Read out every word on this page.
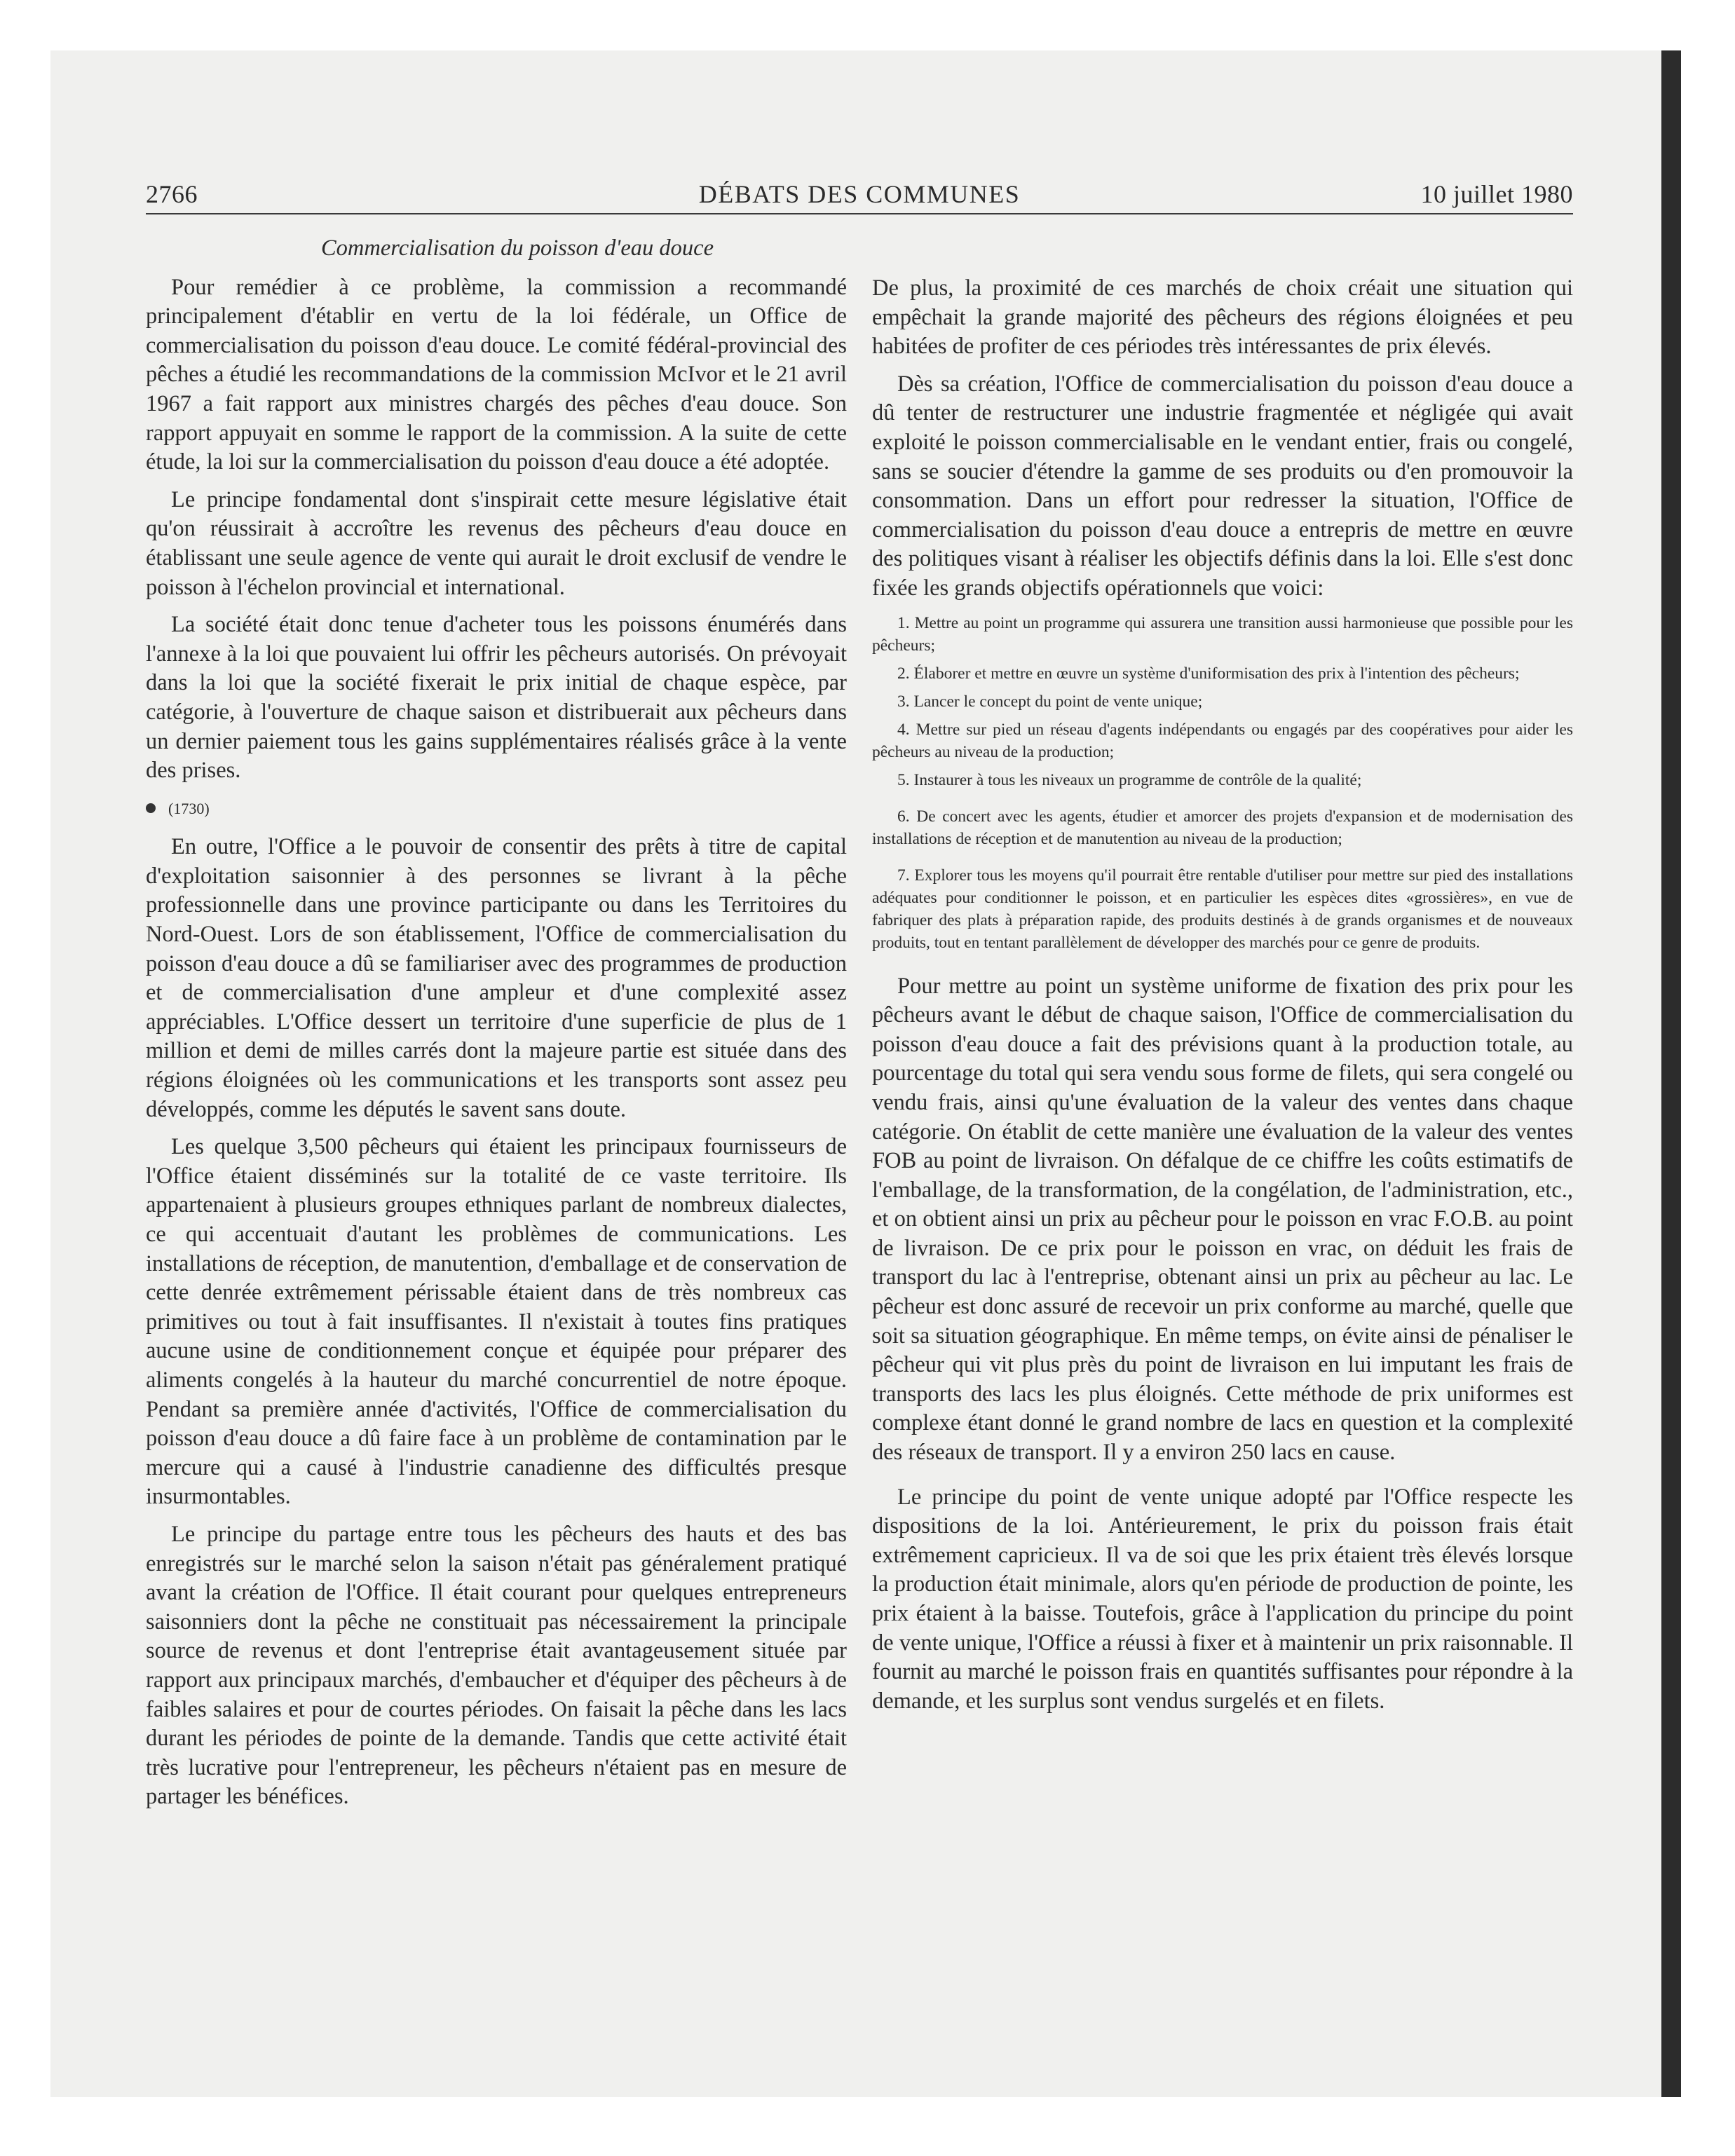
2766	DÉBATS DES COMMUNES	10 juillet 1980
Commercialisation du poisson d'eau douce

Pour remédier à ce problème, la commission a recommandé principalement d'établir en vertu de la loi fédérale, un Office de commercialisation du poisson d'eau douce. Le comité fédéral-provincial des pêches a étudié les recommandations de la commission McIvor et le 21 avril 1967 a fait rapport aux ministres chargés des pêches d'eau douce. Son rapport appuyait en somme le rapport de la commission. A la suite de cette étude, la loi sur la commercialisation du poisson d'eau douce a été adoptée.

Le principe fondamental dont s'inspirait cette mesure législative était qu'on réussirait à accroître les revenus des pêcheurs d'eau douce en établissant une seule agence de vente qui aurait le droit exclusif de vendre le poisson à l'échelon provincial et international.

La société était donc tenue d'acheter tous les poissons énumérés dans l'annexe à la loi que pouvaient lui offrir les pêcheurs autorisés. On prévoyait dans la loi que la société fixerait le prix initial de chaque espèce, par catégorie, à l'ouverture de chaque saison et distribuerait aux pêcheurs dans un dernier paiement tous les gains supplémentaires réalisés grâce à la vente des prises.

(1730)

En outre, l'Office a le pouvoir de consentir des prêts à titre de capital d'exploitation saisonnier à des personnes se livrant à la pêche professionnelle dans une province participante ou dans les Territoires du Nord-Ouest. Lors de son établissement, l'Office de commercialisation du poisson d'eau douce a dû se familiariser avec des programmes de production et de commercialisation d'une ampleur et d'une complexité assez appréciables. L'Office dessert un territoire d'une superficie de plus de 1 million et demi de milles carrés dont la majeure partie est située dans des régions éloignées où les communications et les transports sont assez peu développés, comme les députés le savent sans doute.

Les quelque 3,500 pêcheurs qui étaient les principaux fournisseurs de l'Office étaient disséminés sur la totalité de ce vaste territoire. Ils appartenaient à plusieurs groupes ethniques parlant de nombreux dialectes, ce qui accentuait d'autant les problèmes de communications. Les installations de réception, de manutention, d'emballage et de conservation de cette denrée extrêmement périssable étaient dans de très nombreux cas primitives ou tout à fait insuffisantes. Il n'existait à toutes fins pratiques aucune usine de conditionnement conçue et équipée pour préparer des aliments congelés à la hauteur du marché concurrentiel de notre époque. Pendant sa première année d'activités, l'Office de commercialisation du poisson d'eau douce a dû faire face à un problème de contamination par le mercure qui a causé à l'industrie canadienne des difficultés presque insurmontables.

Le principe du partage entre tous les pêcheurs des hauts et des bas enregistrés sur le marché selon la saison n'était pas généralement pratiqué avant la création de l'Office. Il était courant pour quelques entrepreneurs saisonniers dont la pêche ne constituait pas nécessairement la principale source de revenus et dont l'entreprise était avantageusement située par rapport aux principaux marchés, d'embaucher et d'équiper des pêcheurs à de faibles salaires et pour de courtes périodes. On faisait la pêche dans les lacs durant les périodes de pointe de la demande. Tandis que cette activité était très lucrative pour l'entrepreneur, les pêcheurs n'étaient pas en mesure de partager les bénéfices.

De plus, la proximité de ces marchés de choix créait une situation qui empêchait la grande majorité des pêcheurs des régions éloignées et peu habitées de profiter de ces périodes très intéressantes de prix élevés.

Dès sa création, l'Office de commercialisation du poisson d'eau douce a dû tenter de restructurer une industrie fragmentée et négligée qui avait exploité le poisson commercialisable en le vendant entier, frais ou congelé, sans se soucier d'étendre la gamme de ses produits ou d'en promouvoir la consommation. Dans un effort pour redresser la situation, l'Office de commercialisation du poisson d'eau douce a entrepris de mettre en œuvre des politiques visant à réaliser les objectifs définis dans la loi. Elle s'est donc fixée les grands objectifs opérationnels que voici:

1. Mettre au point un programme qui assurera une transition aussi harmonieuse que possible pour les pêcheurs;
2. Élaborer et mettre en œuvre un système d'uniformisation des prix à l'intention des pêcheurs;
3. Lancer le concept du point de vente unique;
4. Mettre sur pied un réseau d'agents indépendants ou engagés par des coopératives pour aider les pêcheurs au niveau de la production;
5. Instaurer à tous les niveaux un programme de contrôle de la qualité;
6. De concert avec les agents, étudier et amorcer des projets d'expansion et de modernisation des installations de réception et de manutention au niveau de la production;
7. Explorer tous les moyens qu'il pourrait être rentable d'utiliser pour mettre sur pied des installations adéquates pour conditionner le poisson, et en particulier les espèces dites «grossières», en vue de fabriquer des plats à préparation rapide, des produits destinés à de grands organismes et de nouveaux produits, tout en tentant parallèlement de développer des marchés pour ce genre de produits.

Pour mettre au point un système uniforme de fixation des prix pour les pêcheurs avant le début de chaque saison, l'Office de commercialisation du poisson d'eau douce a fait des prévisions quant à la production totale, au pourcentage du total qui sera vendu sous forme de filets, qui sera congelé ou vendu frais, ainsi qu'une évaluation de la valeur des ventes dans chaque catégorie. On établit de cette manière une évaluation de la valeur des ventes FOB au point de livraison. On défalque de ce chiffre les coûts estimatifs de l'emballage, de la transformation, de la congélation, de l'administration, etc., et on obtient ainsi un prix au pêcheur pour le poisson en vrac F.O.B. au point de livraison. De ce prix pour le poisson en vrac, on déduit les frais de transport du lac à l'entreprise, obtenant ainsi un prix au pêcheur au lac. Le pêcheur est donc assuré de recevoir un prix conforme au marché, quelle que soit sa situation géographique. En même temps, on évite ainsi de pénaliser le pêcheur qui vit plus près du point de livraison en lui imputant les frais de transports des lacs les plus éloignés. Cette méthode de prix uniformes est complexe étant donné le grand nombre de lacs en question et la complexité des réseaux de transport. Il y a environ 250 lacs en cause.

Le principe du point de vente unique adopté par l'Office respecte les dispositions de la loi. Antérieurement, le prix du poisson frais était extrêmement capricieux. Il va de soi que les prix étaient très élevés lorsque la production était minimale, alors qu'en période de production de pointe, les prix étaient à la baisse. Toutefois, grâce à l'application du principe du point de vente unique, l'Office a réussi à fixer et à maintenir un prix raisonnable. Il fournit au marché le poisson frais en quantités suffisantes pour répondre à la demande, et les surplus sont vendus surgelés et en filets.
